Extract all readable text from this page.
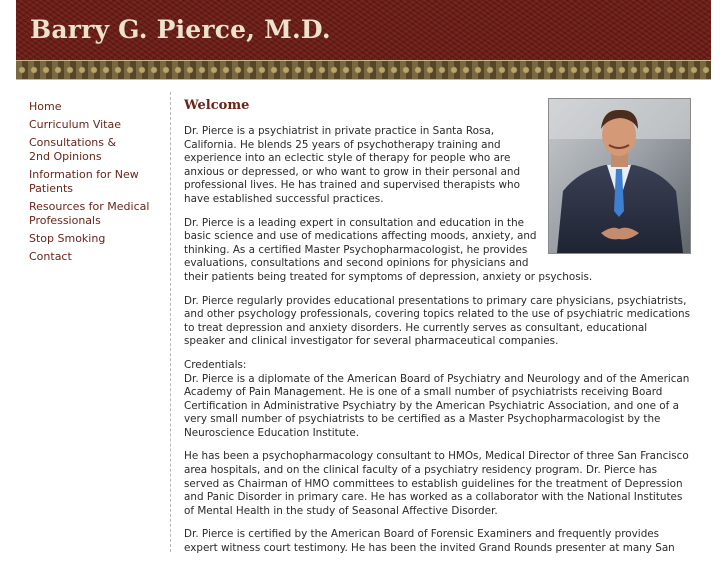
Barry G. Pierce, M.D.
Home
Curriculum Vitae
Consultations &
2nd Opinions
Information for New
Patients
Resources for Medical
Professionals
Stop Smoking
Contact
Welcome

Dr. Pierce is a psychiatrist in private practice in Santa Rosa, California. He blends 25 years of psychotherapy training and experience into an eclectic style of therapy for people who are anxious or depressed, or who want to grow in their personal and professional lives. He has trained and supervised therapists who have established successful practices.

Dr. Pierce is a leading expert in consultation and education in the basic science and use of medications affecting moods, anxiety, and thinking. As a certified Master Psychopharmacologist, he provides evaluations, consultations and second opinions for physicians and their patients being treated for symptoms of depression, anxiety or psychosis.

Dr. Pierce regularly provides educational presentations to primary care physicians, psychiatrists, and other psychology professionals, covering topics related to the use of psychiatric medications to treat depression and anxiety disorders. He currently serves as consultant, educational speaker and clinical investigator for several pharmaceutical companies.

Credentials:
Dr. Pierce is a diplomate of the American Board of Psychiatry and Neurology and of the American Academy of Pain Management. He is one of a small number of psychiatrists receiving Board Certification in Administrative Psychiatry by the American Psychiatric Association, and one of a very small number of psychiatrists to be certified as a Master Psychopharmacologist by the Neuroscience Education Institute.

He has been a psychopharmacology consultant to HMOs, Medical Director of three San Francisco area hospitals, and on the clinical faculty of a psychiatry residency program. Dr. Pierce has served as Chairman of HMO committees to establish guidelines for the treatment of Depression and Panic Disorder in primary care. He has worked as a collaborator with the National Institutes of Mental Health in the study of Seasonal Affective Disorder.

Dr. Pierce is certified by the American Board of Forensic Examiners and frequently provides expert witness court testimony. He has been the invited Grand Rounds presenter at many San
